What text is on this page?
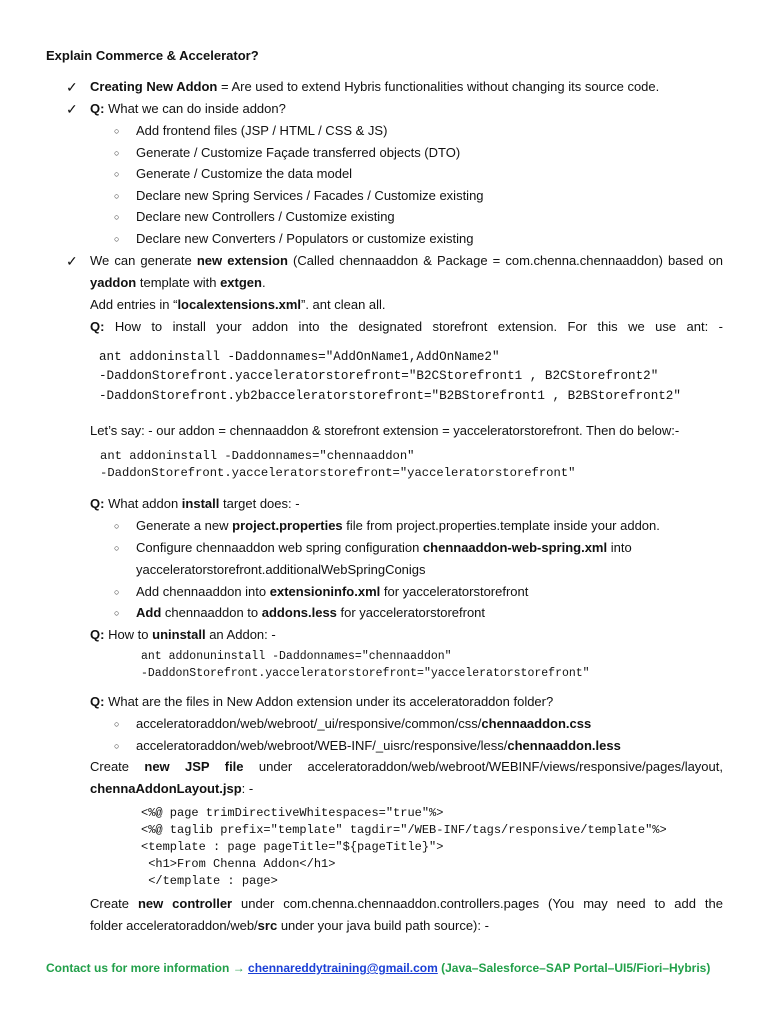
Explain Commerce & Accelerator?
✓ Creating New Addon = Are used to extend Hybris functionalities without changing its source code.
✓ Q: What we can do inside addon?
○ Add frontend files (JSP / HTML / CSS & JS)
○ Generate / Customize Façade transferred objects (DTO)
○ Generate / Customize the data model
○ Declare new Spring Services / Facades / Customize existing
○ Declare new Controllers / Customize existing
○ Declare new Converters / Populators or customize existing
✓ We can generate new extension (Called chennaaddon & Package = com.chenna.chennaaddon) based on
yaddon template with extgen.
Add entries in “localextensions.xml”. ant clean all.
Q: How to install your addon into the designated storefront extension. For this we use ant: -
ant addoninstall -Daddonnames="AddOnName1,AddOnName2"
-DaddonStorefront.yacceleratorstorefront="B2CStorefront1 , B2CStorefront2"
-DaddonStorefront.yb2bacceleratorstorefront="B2BStorefront1 , B2BStorefront2"
Let’s say: - our addon = chennaaddon & storefront extension = yacceleratorstorefront. Then do below:-
ant addoninstall -Daddonnames="chennaaddon"
-DaddonStorefront.yacceleratorstorefront="yacceleratorstorefront"
Q: What addon install target does: -
○ Generate a new project.properties file from project.properties.template inside your addon.
○ Configure chennaaddon web spring configuration chennaaddon-web-spring.xml into
yacceleratorstorefront.additionalWebSpringConigs
○ Add chennaaddon into extensioninfo.xml for yacceleratorstorefront
○ Add chennaaddon to addons.less for yacceleratorstorefront
Q: How to uninstall an Addon: -
ant addonuninstall -Daddonnames="chennaaddon"
-DaddonStorefront.yacceleratorstorefront="yacceleratorstorefront"
Q: What are the files in New Addon extension under its acceleratoraddon folder?
○ acceleratoraddon/web/webroot/_ui/responsive/common/css/chennaaddon.css
○ acceleratoraddon/web/webroot/WEB-INF/_uisrc/responsive/less/chennaaddon.less
Create new JSP file under acceleratoraddon/web/webroot/WEBINF/views/responsive/pages/layout,
chennaAddonLayout.jsp: -
<%@ page trimDirectiveWhitespaces="true"%>
<%@ taglib prefix="template" tagdir="/WEB-INF/tags/responsive/template"%>
<template : page pageTitle="${pageTitle}">
<h1>From Chenna Addon</h1>
</template : page>
Create new controller under com.chenna.chennaaddon.controllers.pages (You may need to add the
folder acceleratoraddon/web/src under your java build path source): -
Contact us for more information → chennareddytraining@gmail.com (Java–Salesforce–SAP Portal–UI5/Fiori–Hybris)
